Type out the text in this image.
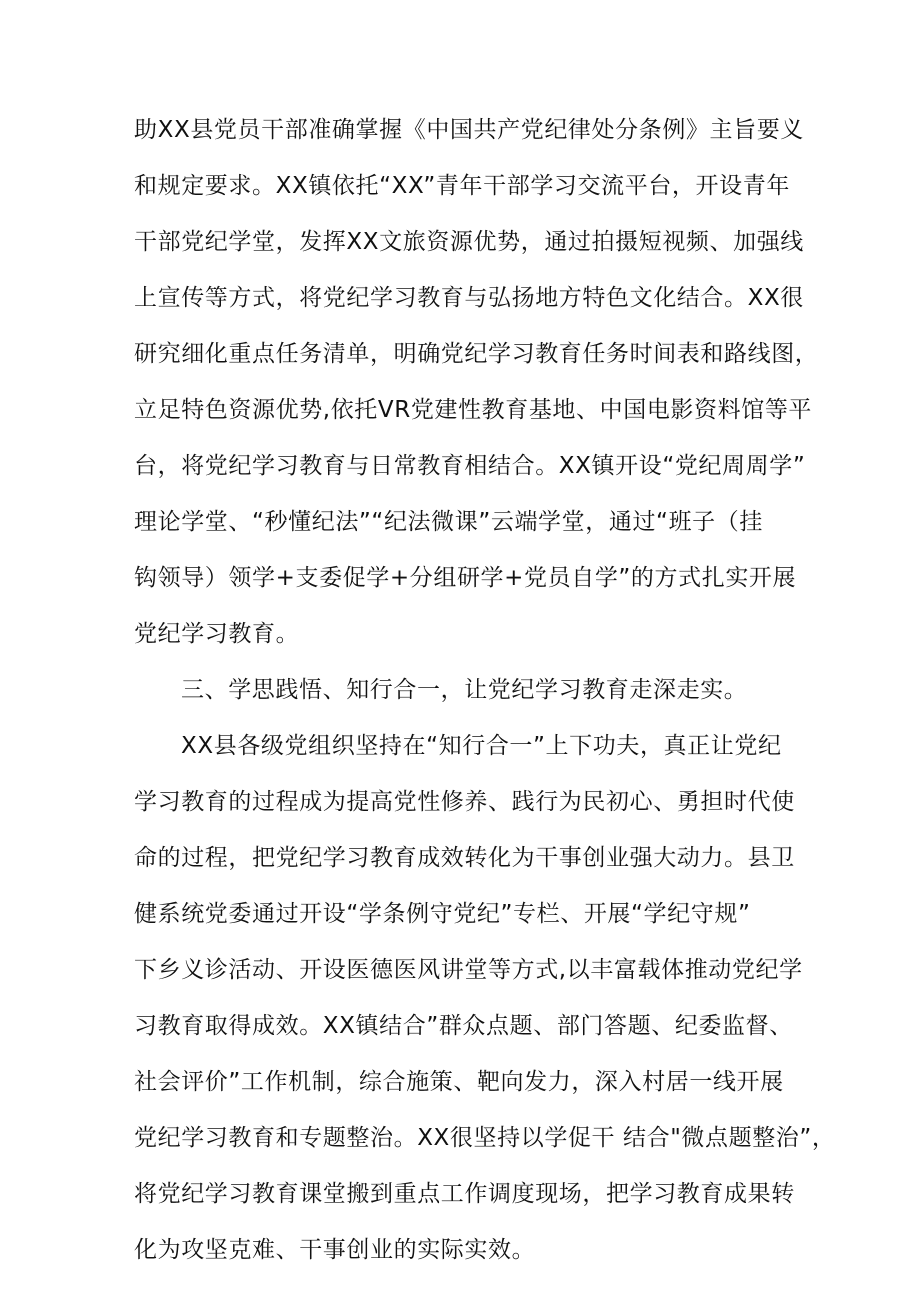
助XX县党员干部准确掌握《中国共产党纪律处分条例》主旨要义
和规定要求。XX镇依托“XX”青年干部学习交流平台，开设青年
干部党纪学堂，发挥XX文旅资源优势，通过拍摄短视频、加强线
上宣传等方式，将党纪学习教育与弘扬地方特色文化结合。XX很
研究细化重点任务清单，明确党纪学习教育任务时间表和路线图，
立足特色资源优势,依托VR党建性教育基地、中国电影资料馆等平
台，将党纪学习教育与日常教育相结合。XX镇开设“党纪周周学”
理论学堂、“秒懂纪法”“纪法微课”云端学堂，通过“班子（挂
钩领导）领学+支委促学+分组研学+党员自学”的方式扎实开展
党纪学习教育。
三、学思践悟、知行合一，让党纪学习教育走深走实。
XX县各级党组织坚持在“知行合一”上下功夫，真正让党纪
学习教育的过程成为提高党性修养、践行为民初心、勇担时代使
命的过程，把党纪学习教育成效转化为干事创业强大动力。县卫
健系统党委通过开设“学条例守党纪”专栏、开展“学纪守规”
下乡义诊活动、开设医德医风讲堂等方式,以丰富载体推动党纪学
习教育取得成效。XX镇结合”群众点题、部门答题、纪委监督、
社会评价”工作机制，综合施策、靶向发力，深入村居一线开展
党纪学习教育和专题整治。XX很坚持以学促干 结合"微点题整治”，
将党纪学习教育课堂搬到重点工作调度现场，把学习教育成果转
化为攻坚克难、干事创业的实际实效。
